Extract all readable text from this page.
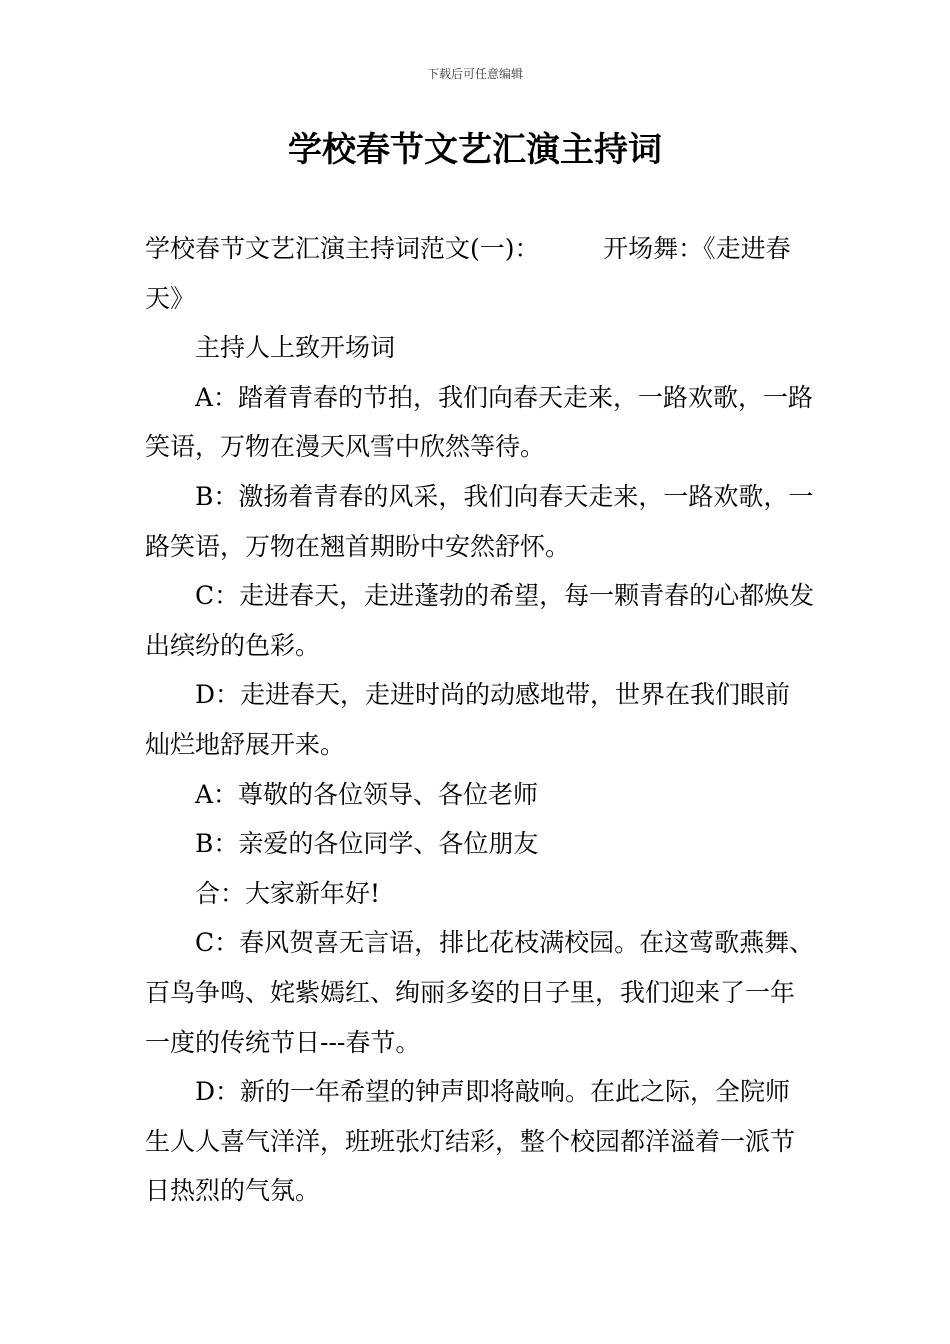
下载后可任意编辑
学校春节文艺汇演主持词

学校春节文艺汇演主持词范文(一)：        开场舞：《走进春天》

主持人上致开场词

A：踏着青春的节拍，我们向春天走来，一路欢歌，一路笑语，万物在漫天风雪中欣然等待。

B：激扬着青春的风采，我们向春天走来，一路欢歌，一路笑语，万物在翘首期盼中安然舒怀。

C：走进春天，走进蓬勃的希望，每一颗青春的心都焕发出缤纷的色彩。

D：走进春天，走进时尚的动感地带，世界在我们眼前灿烂地舒展开来。

A：尊敬的各位领导、各位老师

B：亲爱的各位同学、各位朋友

合：大家新年好!

C：春风贺喜无言语，排比花枝满校园。在这莺歌燕舞、百鸟争鸣、姹紫嫣红、绚丽多姿的日子里，我们迎来了一年一度的传统节日---春节。

D：新的一年希望的钟声即将敲响。在此之际，全院师生人人喜气洋洋，班班张灯结彩，整个校园都洋溢着一派节日热烈的气氛。
